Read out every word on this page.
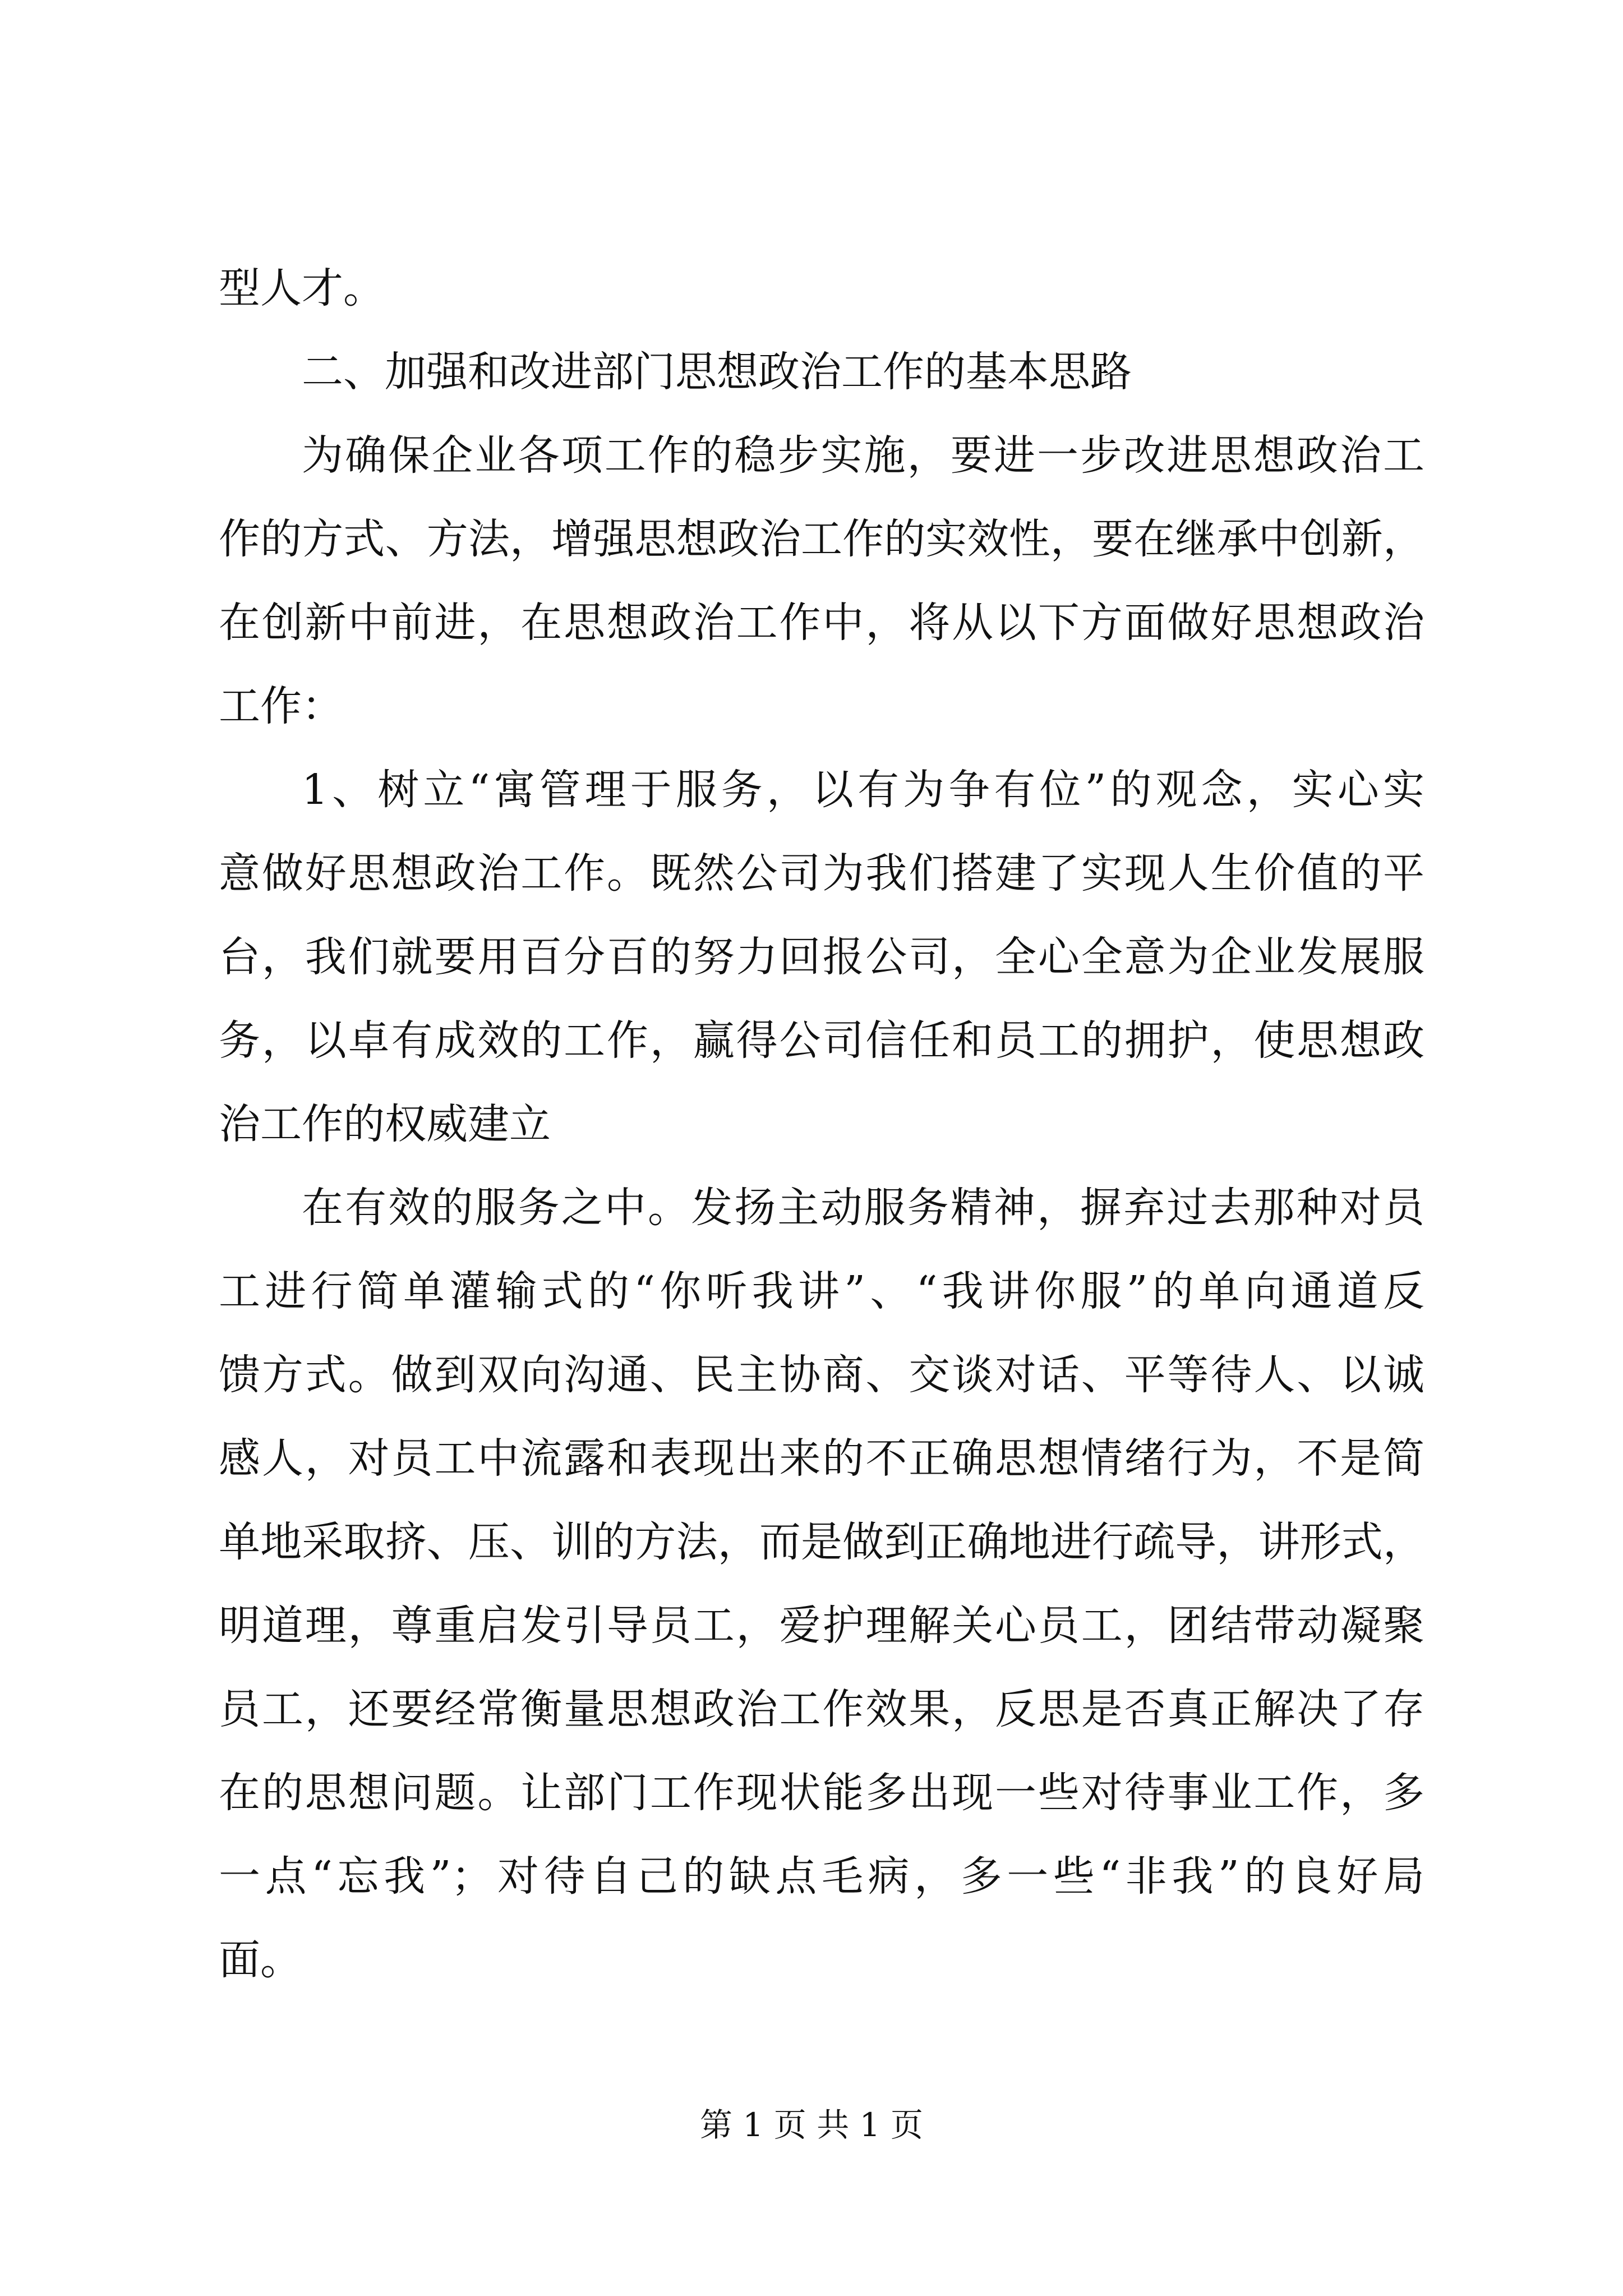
型人才。
二、加强和改进部门思想政治工作的基本思路
为确保企业各项工作的稳步实施，要进一步改进思想政治工
作的方式、方法，增强思想政治工作的实效性，要在继承中创新，
在创新中前进，在思想政治工作中，将从以下方面做好思想政治
工作：
1、树立“寓管理于服务，以有为争有位”的观念，实心实
意做好思想政治工作。既然公司为我们搭建了实现人生价值的平
台，我们就要用百分百的努力回报公司，全心全意为企业发展服
务，以卓有成效的工作，赢得公司信任和员工的拥护，使思想政
治工作的权威建立
在有效的服务之中。发扬主动服务精神，摒弃过去那种对员
工进行简单灌输式的“你听我讲”、“我讲你服”的单向通道反
馈方式。做到双向沟通、民主协商、交谈对话、平等待人、以诚
感人，对员工中流露和表现出来的不正确思想情绪行为，不是简
单地采取挤、压、训的方法，而是做到正确地进行疏导，讲形式，
明道理，尊重启发引导员工，爱护理解关心员工，团结带动凝聚
员工，还要经常衡量思想政治工作效果，反思是否真正解决了存
在的思想问题。让部门工作现状能多出现一些对待事业工作，多
一点“忘我”；对待自己的缺点毛病，多一些“非我”的良好局
面。
第 1 页 共 1 页
